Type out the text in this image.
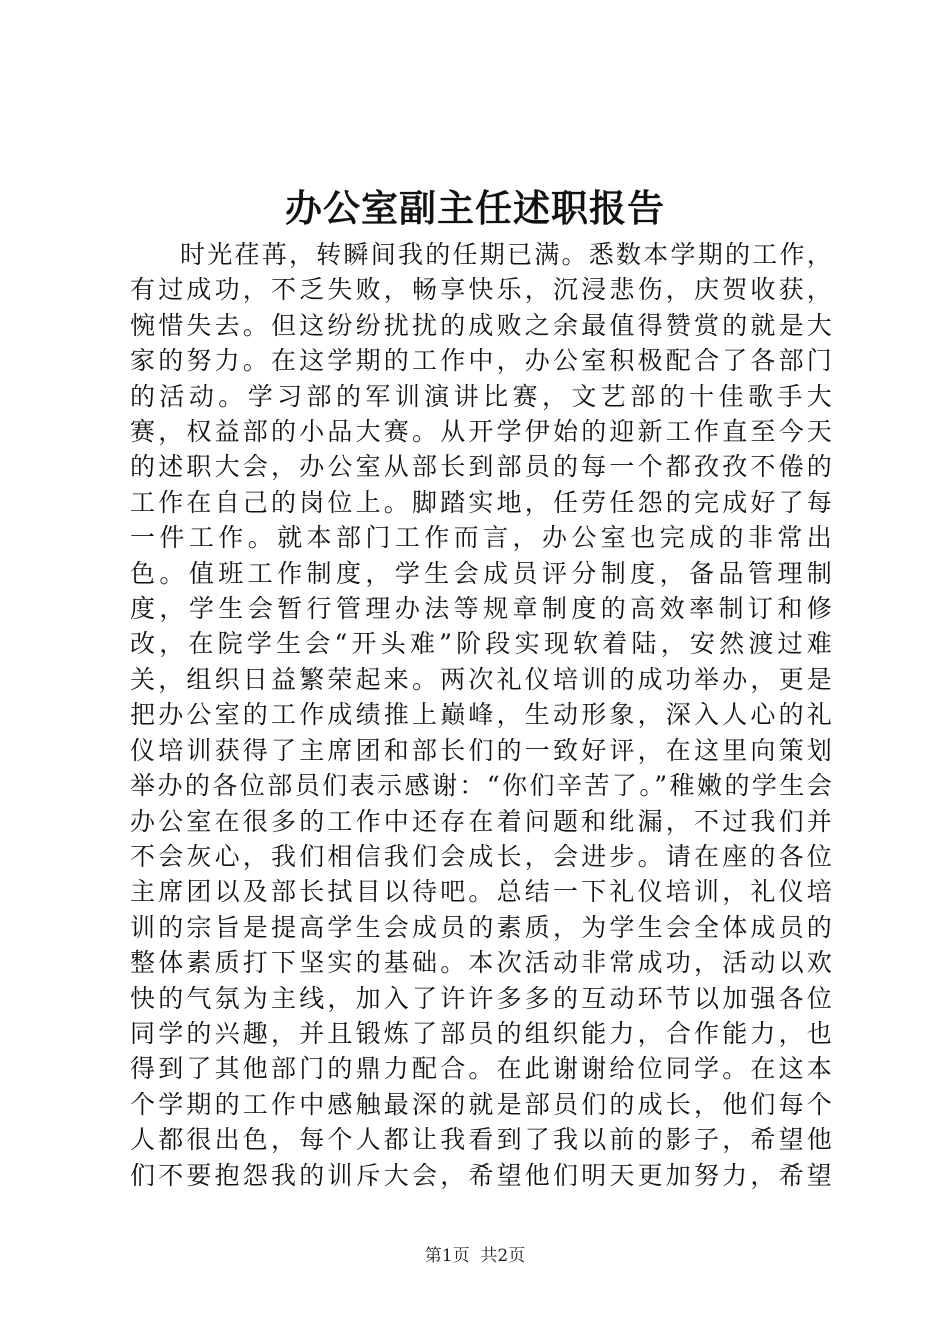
办公室副主任述职报告

时光荏苒，转瞬间我的任期已满。悉数本学期的工作，有过成功，不乏失败，畅享快乐，沉浸悲伤，庆贺收获，惋惜失去。但这纷纷扰扰的成败之余最值得赞赏的就是大家的努力。在这学期的工作中，办公室积极配合了各部门的活动。学习部的军训演讲比赛，文艺部的十佳歌手大赛，权益部的小品大赛。从开学伊始的迎新工作直至今天的述职大会，办公室从部长到部员的每一个都孜孜不倦的工作在自己的岗位上。脚踏实地，任劳任怨的完成好了每一件工作。就本部门工作而言，办公室也完成的非常出色。值班工作制度，学生会成员评分制度，备品管理制度，学生会暂行管理办法等规章制度的高效率制订和修改，在院学生会“开头难”阶段实现软着陆，安然渡过难关，组织日益繁荣起来。两次礼仪培训的成功举办，更是把办公室的工作成绩推上巅峰，生动形象，深入人心的礼仪培训获得了主席团和部长们的一致好评，在这里向策划举办的各位部员们表示感谢：“你们辛苦了。”稚嫩的学生会办公室在很多的工作中还存在着问题和纰漏，不过我们并不会灰心，我们相信我们会成长，会进步。请在座的各位主席团以及部长拭目以待吧。总结一下礼仪培训，礼仪培训的宗旨是提高学生会成员的素质，为学生会全体成员的整体素质打下坚实的基础。本次活动非常成功，活动以欢快的气氛为主线，加入了许许多多的互动环节以加强各位同学的兴趣，并且锻炼了部员的组织能力，合作能力，也得到了其他部门的鼎力配合。在此谢谢给位同学。在这本个学期的工作中感触最深的就是部员们的成长，他们每个人都很出色，每个人都让我看到了我以前的影子，希望他们不要抱怨我的训斥大会，希望他们明天更加努力，希望

第1页 共2页
